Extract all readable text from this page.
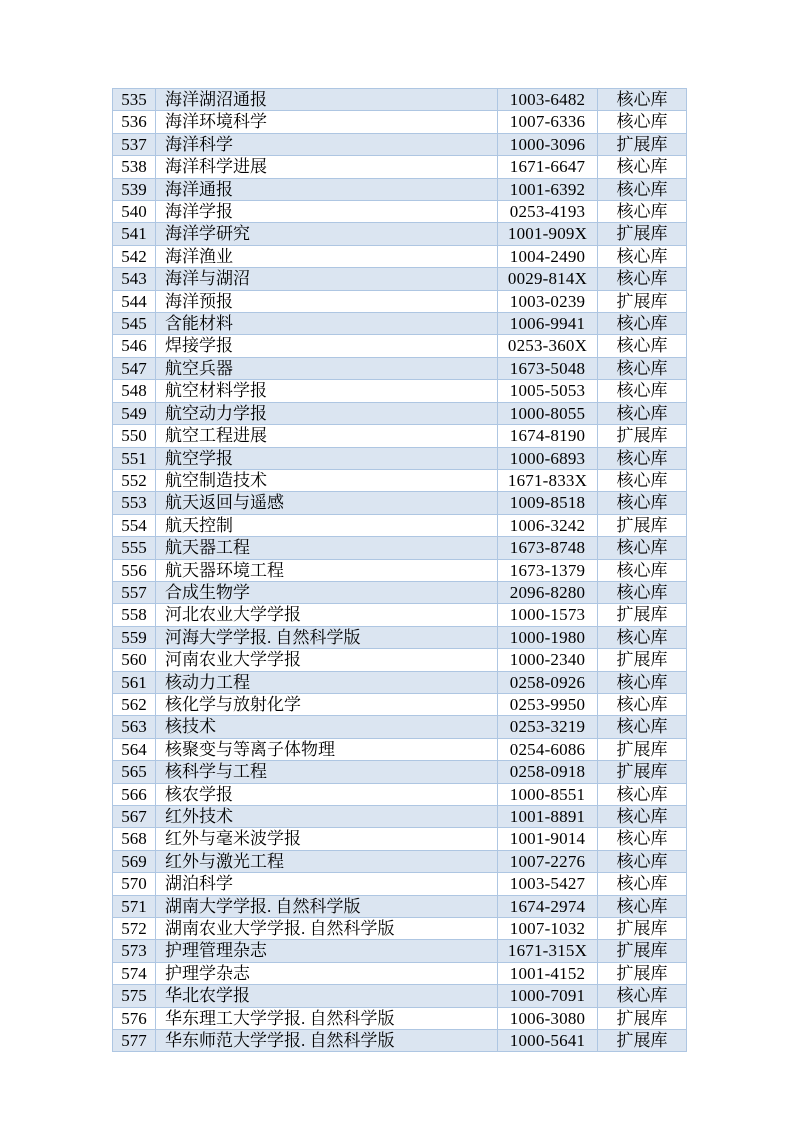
535	海洋湖沼通报	1003-6482	核心库
536	海洋环境科学	1007-6336	核心库
537	海洋科学	1000-3096	扩展库
538	海洋科学进展	1671-6647	核心库
539	海洋通报	1001-6392	核心库
540	海洋学报	0253-4193	核心库
541	海洋学研究	1001-909X	扩展库
542	海洋渔业	1004-2490	核心库
543	海洋与湖沼	0029-814X	核心库
544	海洋预报	1003-0239	扩展库
545	含能材料	1006-9941	核心库
546	焊接学报	0253-360X	核心库
547	航空兵器	1673-5048	核心库
548	航空材料学报	1005-5053	核心库
549	航空动力学报	1000-8055	核心库
550	航空工程进展	1674-8190	扩展库
551	航空学报	1000-6893	核心库
552	航空制造技术	1671-833X	核心库
553	航天返回与遥感	1009-8518	核心库
554	航天控制	1006-3242	扩展库
555	航天器工程	1673-8748	核心库
556	航天器环境工程	1673-1379	核心库
557	合成生物学	2096-8280	核心库
558	河北农业大学学报	1000-1573	扩展库
559	河海大学学报. 自然科学版	1000-1980	核心库
560	河南农业大学学报	1000-2340	扩展库
561	核动力工程	0258-0926	核心库
562	核化学与放射化学	0253-9950	核心库
563	核技术	0253-3219	核心库
564	核聚变与等离子体物理	0254-6086	扩展库
565	核科学与工程	0258-0918	扩展库
566	核农学报	1000-8551	核心库
567	红外技术	1001-8891	核心库
568	红外与毫米波学报	1001-9014	核心库
569	红外与激光工程	1007-2276	核心库
570	湖泊科学	1003-5427	核心库
571	湖南大学学报. 自然科学版	1674-2974	核心库
572	湖南农业大学学报. 自然科学版	1007-1032	扩展库
573	护理管理杂志	1671-315X	扩展库
574	护理学杂志	1001-4152	扩展库
575	华北农学报	1000-7091	核心库
576	华东理工大学学报. 自然科学版	1006-3080	扩展库
577	华东师范大学学报. 自然科学版	1000-5641	扩展库
